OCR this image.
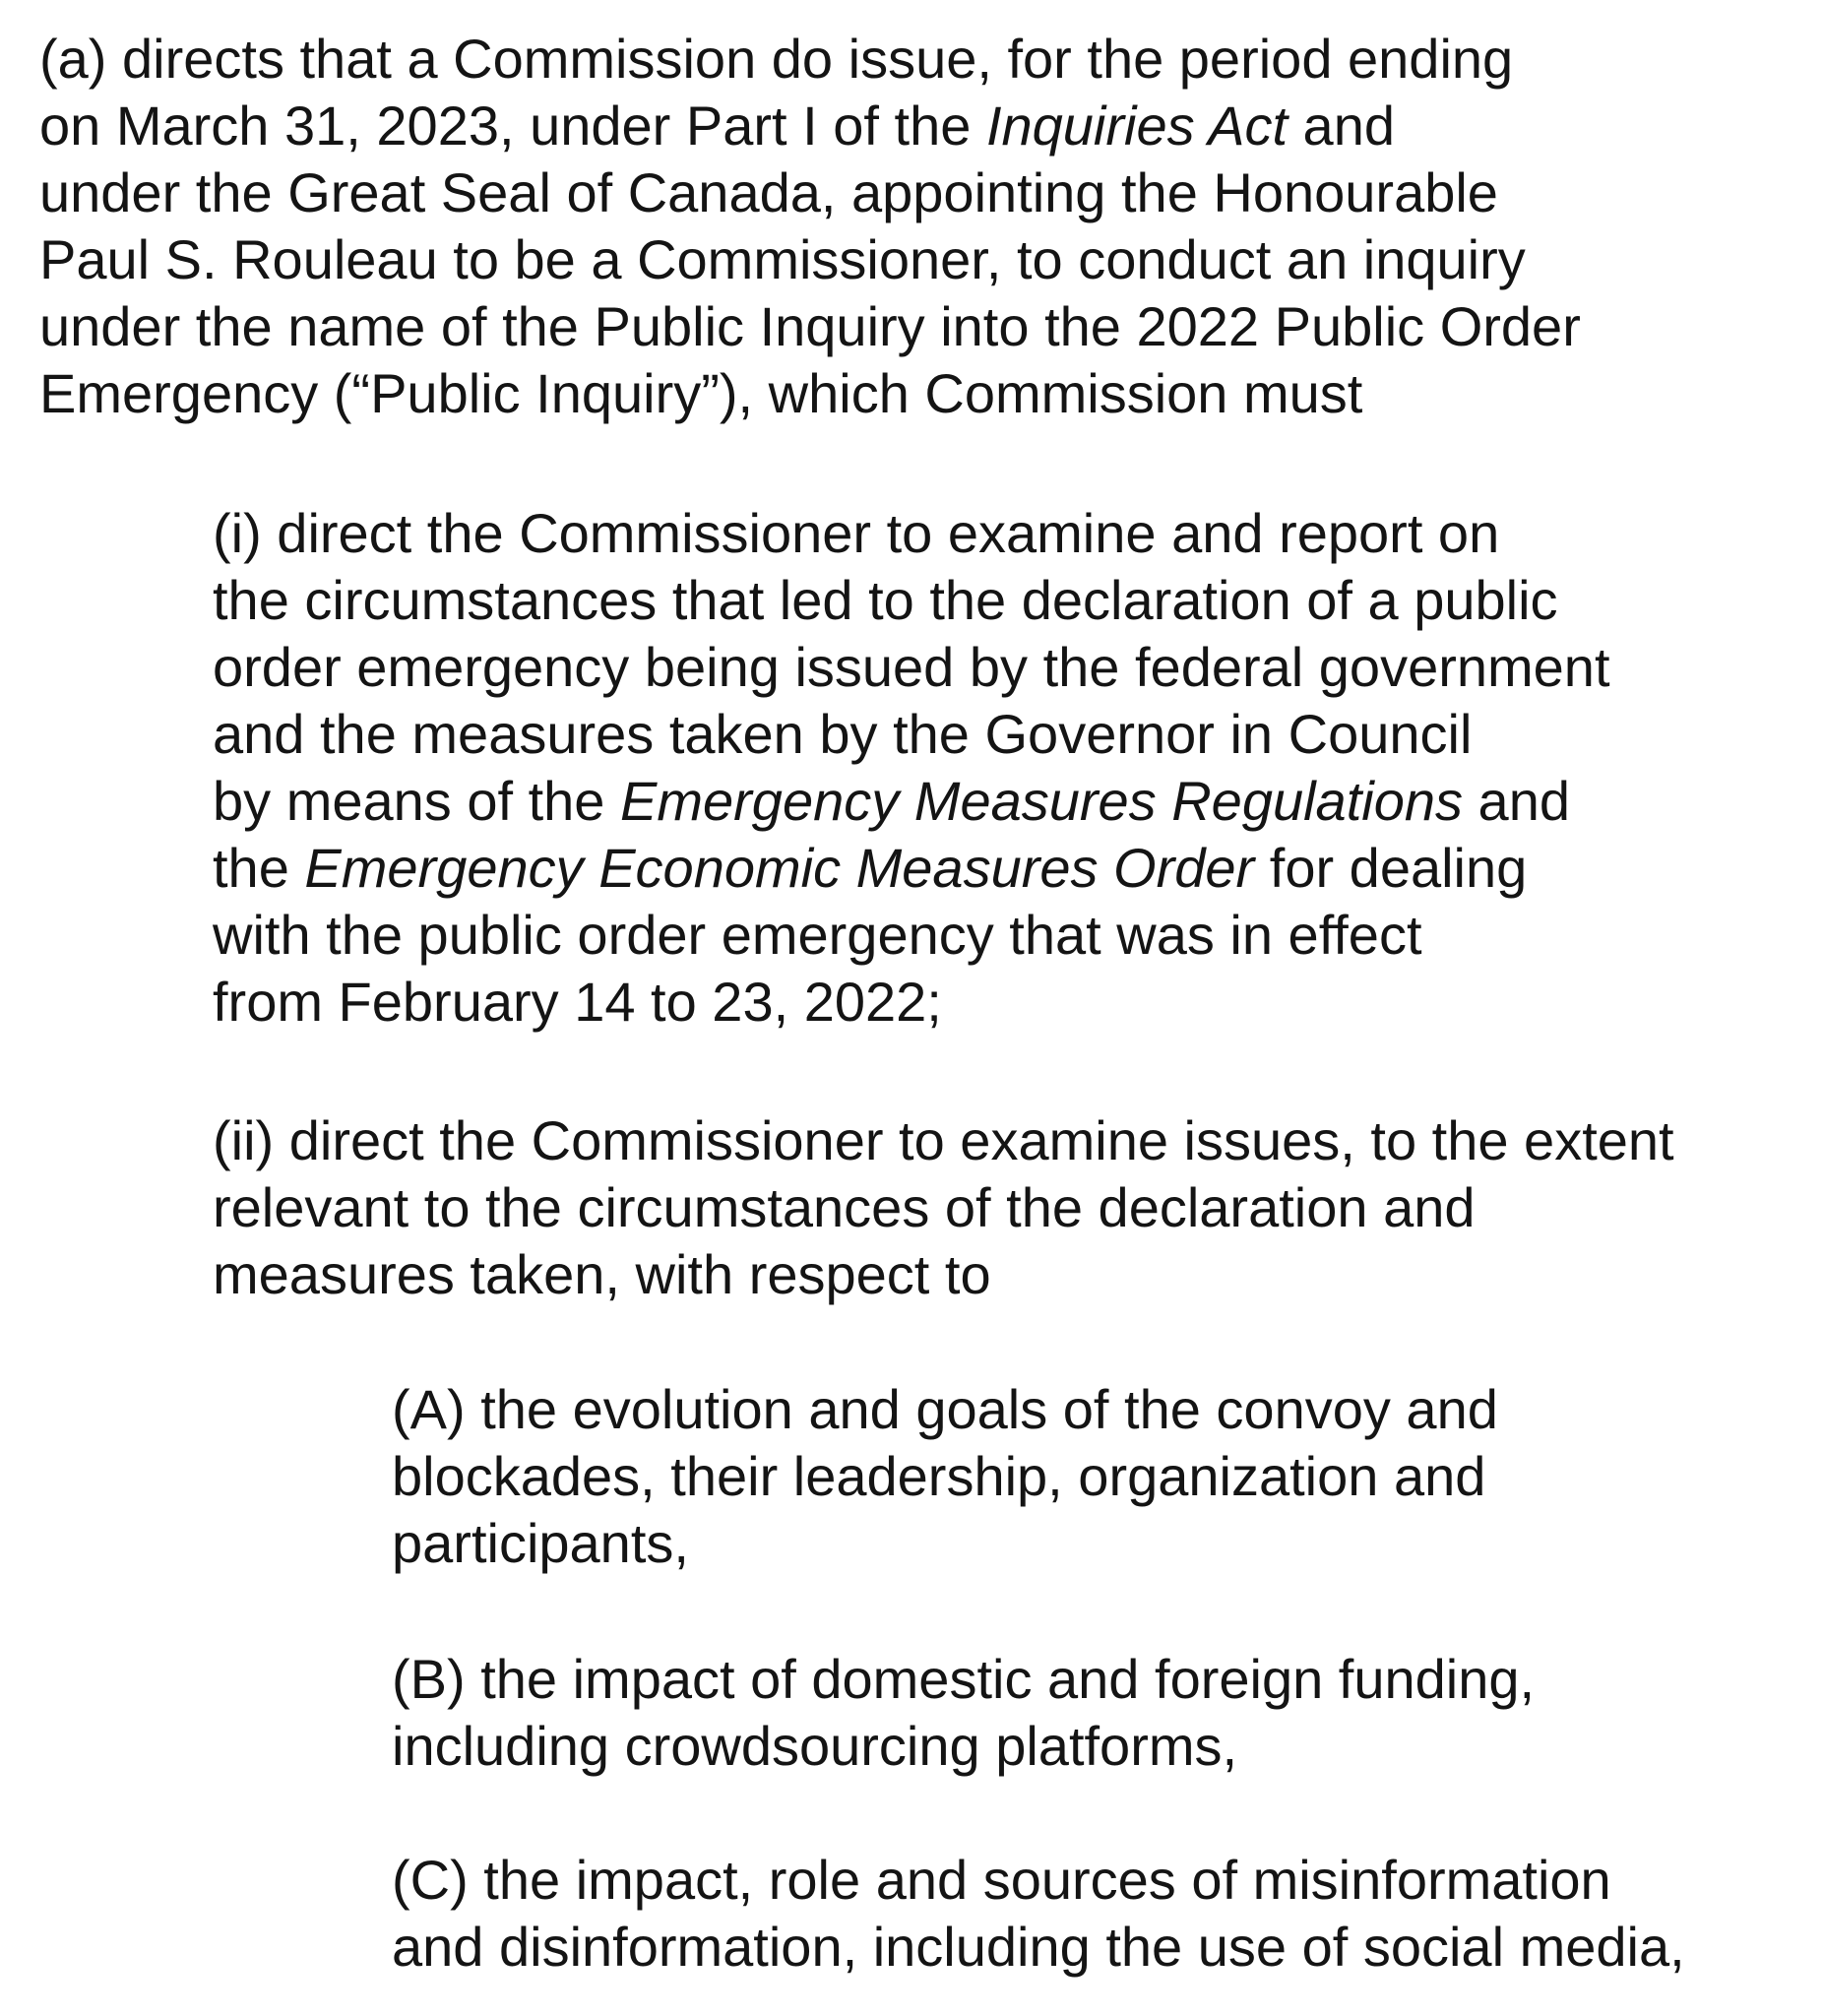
(a) directs that a Commission do issue, for the period ending
on March 31, 2023, under Part I of the Inquiries Act and
under the Great Seal of Canada, appointing the Honourable
Paul S. Rouleau to be a Commissioner, to conduct an inquiry
under the name of the Public Inquiry into the 2022 Public Order
Emergency (“Public Inquiry”), which Commission must

(i) direct the Commissioner to examine and report on
the circumstances that led to the declaration of a public
order emergency being issued by the federal government
and the measures taken by the Governor in Council
by means of the Emergency Measures Regulations and
the Emergency Economic Measures Order for dealing
with the public order emergency that was in effect
from February 14 to 23, 2022;

(ii) direct the Commissioner to examine issues, to the extent
relevant to the circumstances of the declaration and
measures taken, with respect to

(A) the evolution and goals of the convoy and
blockades, their leadership, organization and
participants,

(B) the impact of domestic and foreign funding,
including crowdsourcing platforms,

(C) the impact, role and sources of misinformation
and disinformation, including the use of social media,
